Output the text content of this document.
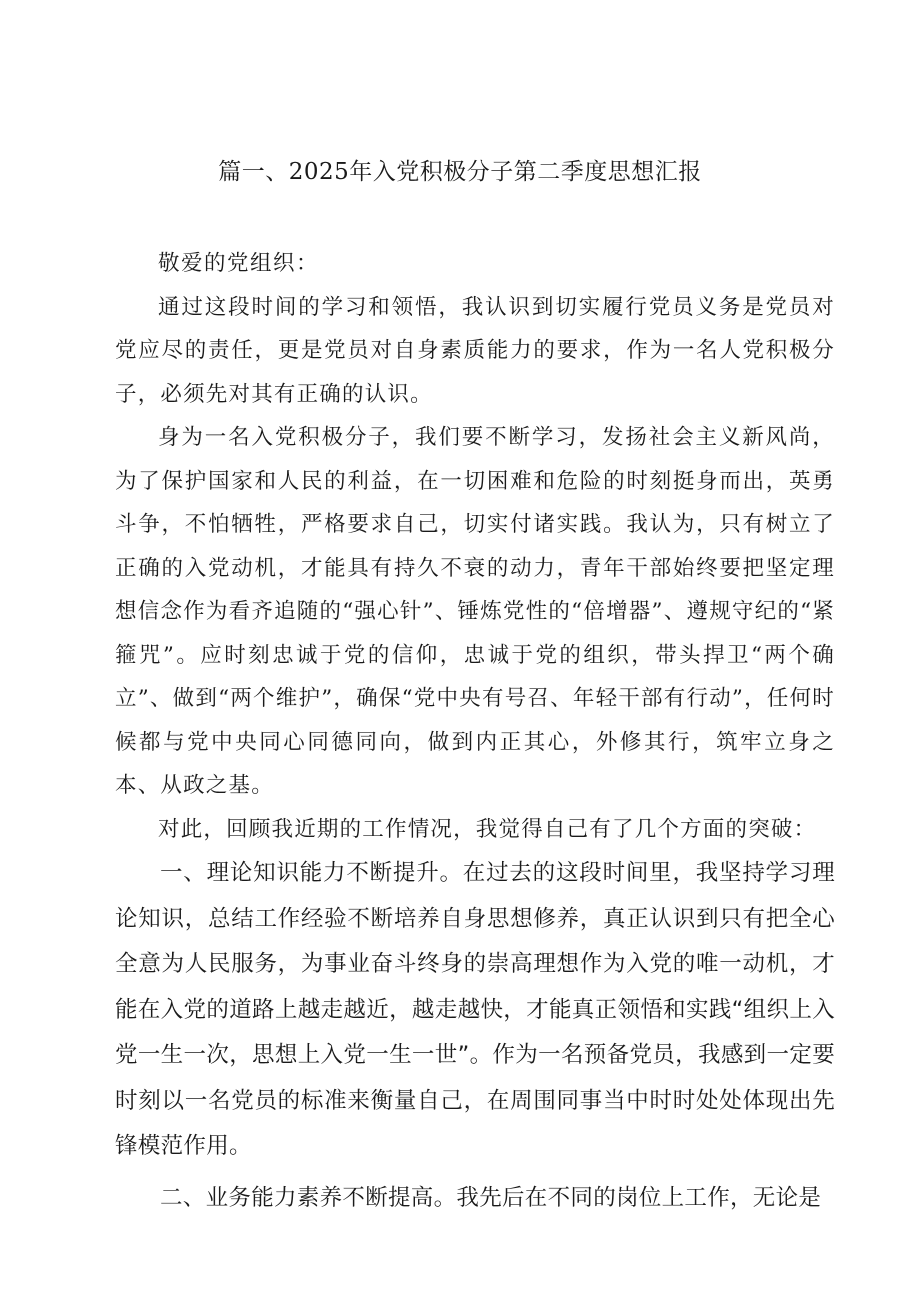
篇一、2025年入党积极分子第二季度思想汇报

敬爱的党组织：

通过这段时间的学习和领悟，我认识到切实履行党员义务是党员对党应尽的责任，更是党员对自身素质能力的要求，作为一名人党积极分子，必须先对其有正确的认识。

身为一名入党积极分子，我们要不断学习，发扬社会主义新风尚，为了保护国家和人民的利益，在一切困难和危险的时刻挺身而出，英勇斗争，不怕牺牲，严格要求自己，切实付诸实践。我认为，只有树立了正确的入党动机，才能具有持久不衰的动力，青年干部始终要把坚定理想信念作为看齐追随的“强心针”、锤炼党性的“倍增器”、遵规守纪的“紧箍咒”。应时刻忠诚于党的信仰，忠诚于党的组织，带头捍卫“两个确立”、做到“两个维护”，确保“党中央有号召、年轻干部有行动”，任何时候都与党中央同心同德同向，做到内正其心，外修其行，筑牢立身之本、从政之基。

对此，回顾我近期的工作情况，我觉得自己有了几个方面的突破：

一、理论知识能力不断提升。在过去的这段时间里，我坚持学习理论知识，总结工作经验不断培养自身思想修养，真正认识到只有把全心全意为人民服务，为事业奋斗终身的崇高理想作为入党的唯一动机，才能在入党的道路上越走越近，越走越快，才能真正领悟和实践“组织上入党一生一次，思想上入党一生一世”。作为一名预备党员，我感到一定要时刻以一名党员的标准来衡量自己，在周围同事当中时时处处体现出先锋模范作用。

二、业务能力素养不断提高。我先后在不同的岗位上工作，无论是
